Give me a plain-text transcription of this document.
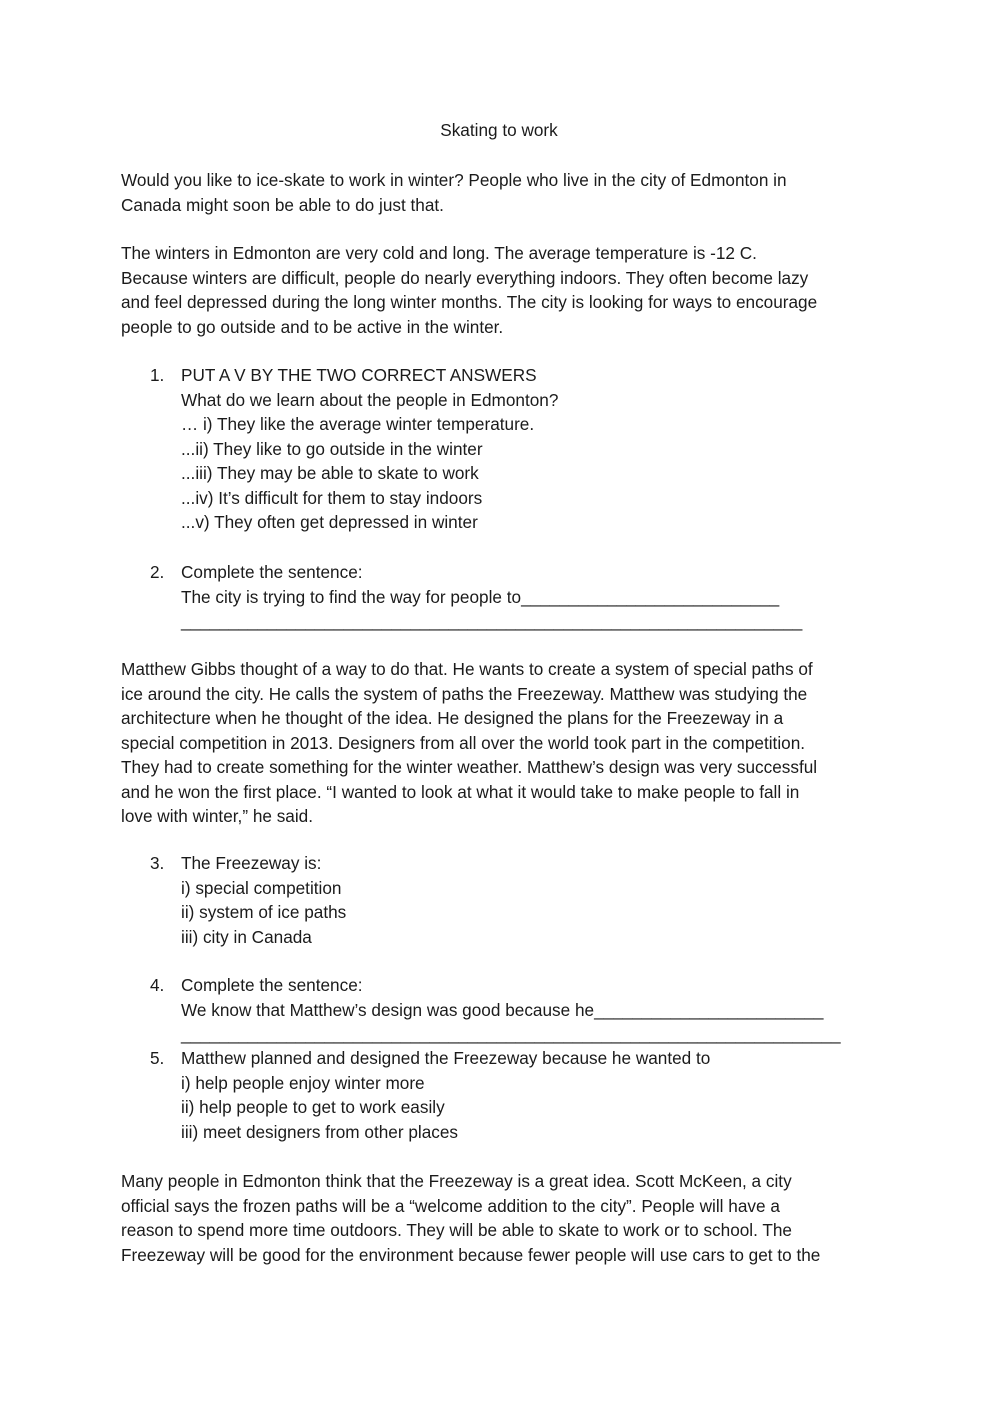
Skating to work

Would you like to ice-skate to work in winter? People who live in the city of Edmonton in

Canada might soon be able to do just that.

The winters in Edmonton are very cold and long. The average temperature is -12 C.

Because winters are difficult, people do nearly everything indoors. They often become lazy

and feel depressed during the long winter months. The city is looking for ways to encourage

people to go outside and to be active in the winter.

1. PUT A V BY THE TWO CORRECT ANSWERS
What do we learn about the people in Edmonton?
… i) They like the average winter temperature.
...ii) They like to go outside in the winter
...iii) They may be able to skate to work
...iv) It’s difficult for them to stay indoors
...v) They often get depressed in winter
2. Complete the sentence:
The city is trying to find the way for people to___________________________
_________________________________________________________________

Matthew Gibbs thought of a way to do that. He wants to create a system of special paths of

ice around the city. He calls the system of paths the Freezeway. Matthew was studying the

architecture when he thought of the idea. He designed the plans for the Freezeway in a

special competition in 2013. Designers from all over the world took part in the competition.

They had to create something for the winter weather. Matthew’s design was very successful

and he won the first place. “I wanted to look at what it would take to make people to fall in

love with winter,” he said.

3. The Freezeway is:
i) special competition
ii) system of ice paths
iii) city in Canada
4. Complete the sentence:
We know that Matthew’s design was good because he________________________
_____________________________________________________________________
5. Matthew planned and designed the Freezeway because he wanted to
i) help people enjoy winter more
ii) help people to get to work easily
iii) meet designers from other places

Many people in Edmonton think that the Freezeway is a great idea. Scott McKeen, a city

official says the frozen paths will be a “welcome addition to the city”. People will have a

reason to spend more time outdoors. They will be able to skate to work or to school. The

Freezeway will be good for the environment because fewer people will use cars to get to the
